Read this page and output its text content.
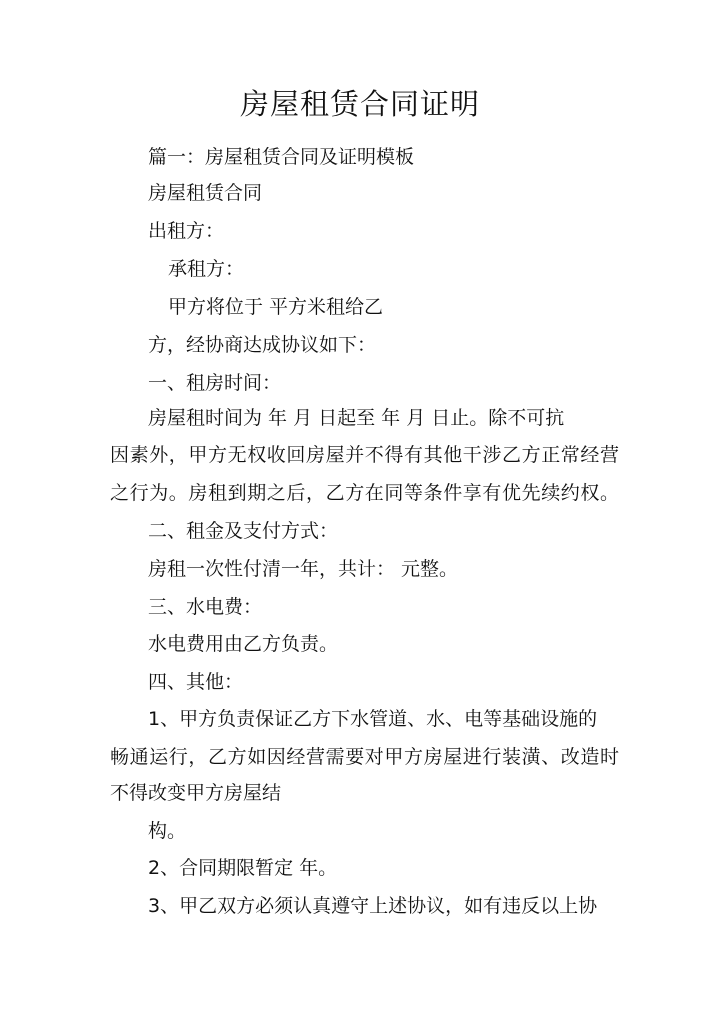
房屋租赁合同证明

篇一：房屋租赁合同及证明模板

房屋租赁合同

出租方：

承租方：

甲方将位于 平方米租给乙

方，经协商达成协议如下：

一、租房时间：

房屋租时间为 年 月 日起至 年 月 日止。除不可抗

因素外，甲方无权收回房屋并不得有其他干涉乙方正常经营

之行为。房租到期之后，乙方在同等条件享有优先续约权。

二、租金及支付方式：

房租一次性付清一年，共计： 元整。

三、水电费：

水电费用由乙方负责。

四、其他：

1、甲方负责保证乙方下水管道、水、电等基础设施的

畅通运行，乙方如因经营需要对甲方房屋进行装潢、改造时

不得改变甲方房屋结

构。

2、合同期限暂定 年。

3、甲乙双方必须认真遵守上述协议，如有违反以上协
